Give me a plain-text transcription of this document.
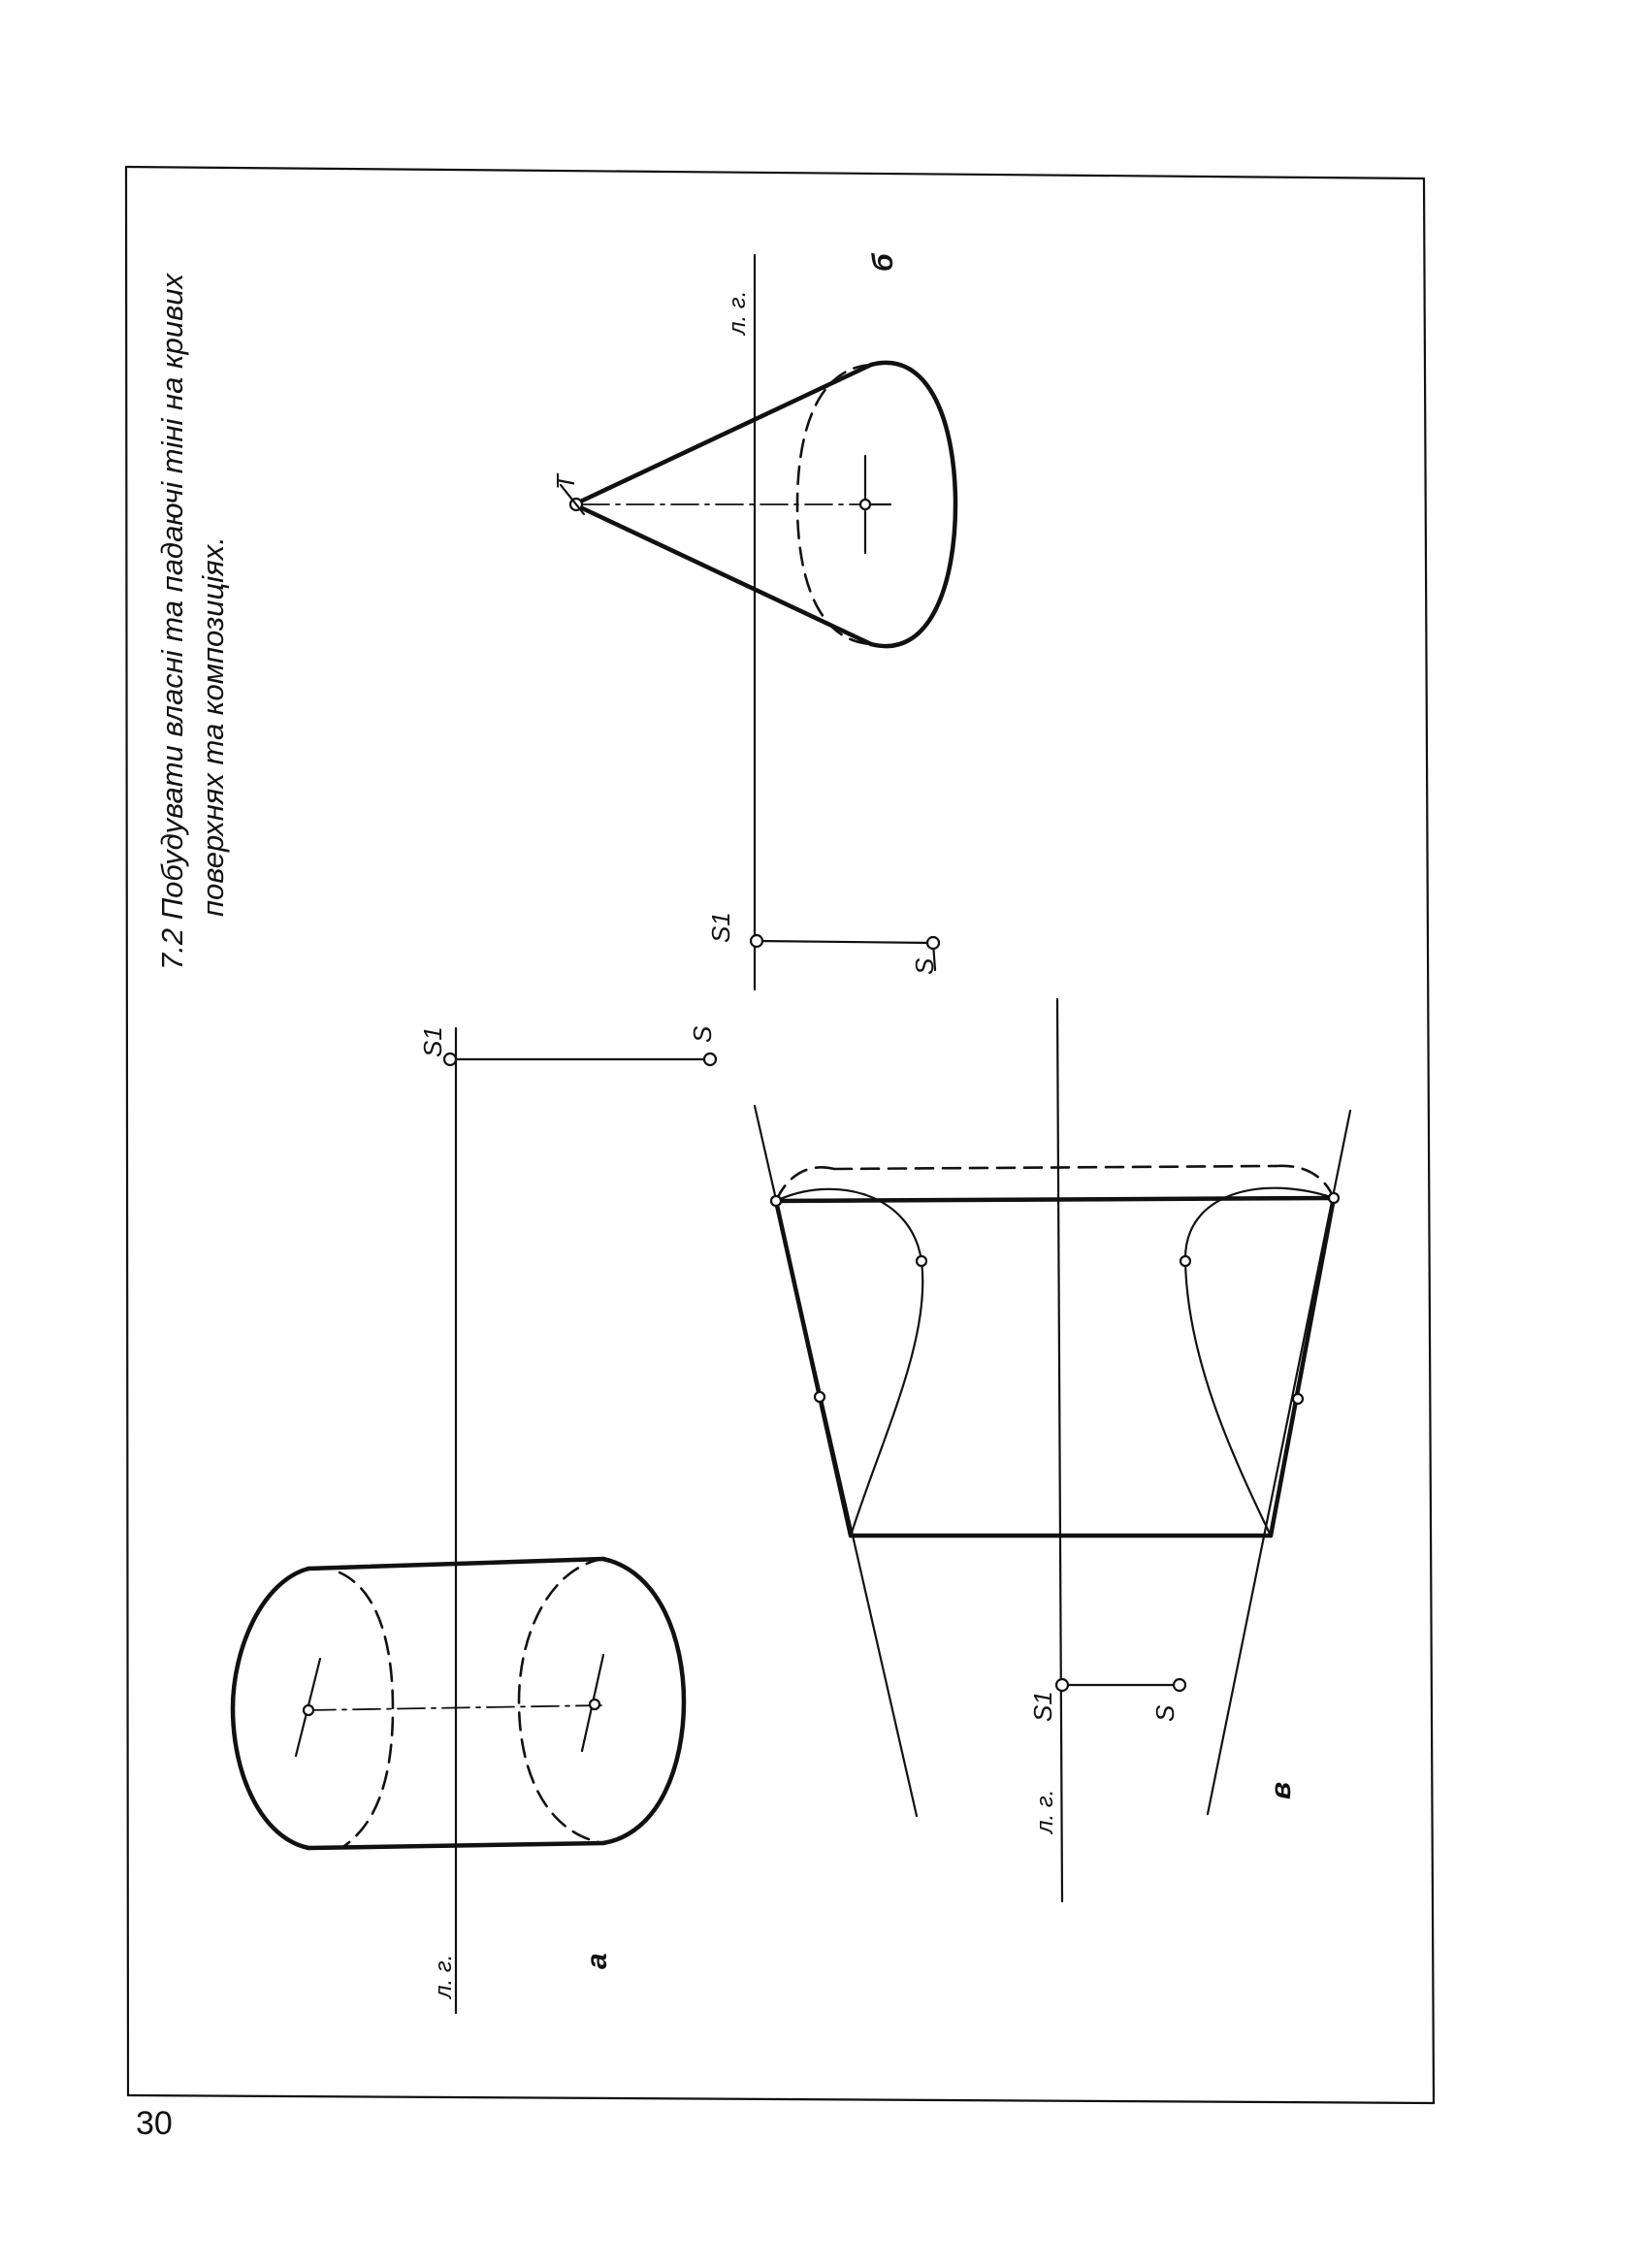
7.2 Побудувати власні та падаючі тіні на кривих поверхнях та композиціях.
30
T
S1
S
л. г.
б
S1	S
л. г.	а
S1	S
л. г.	в
